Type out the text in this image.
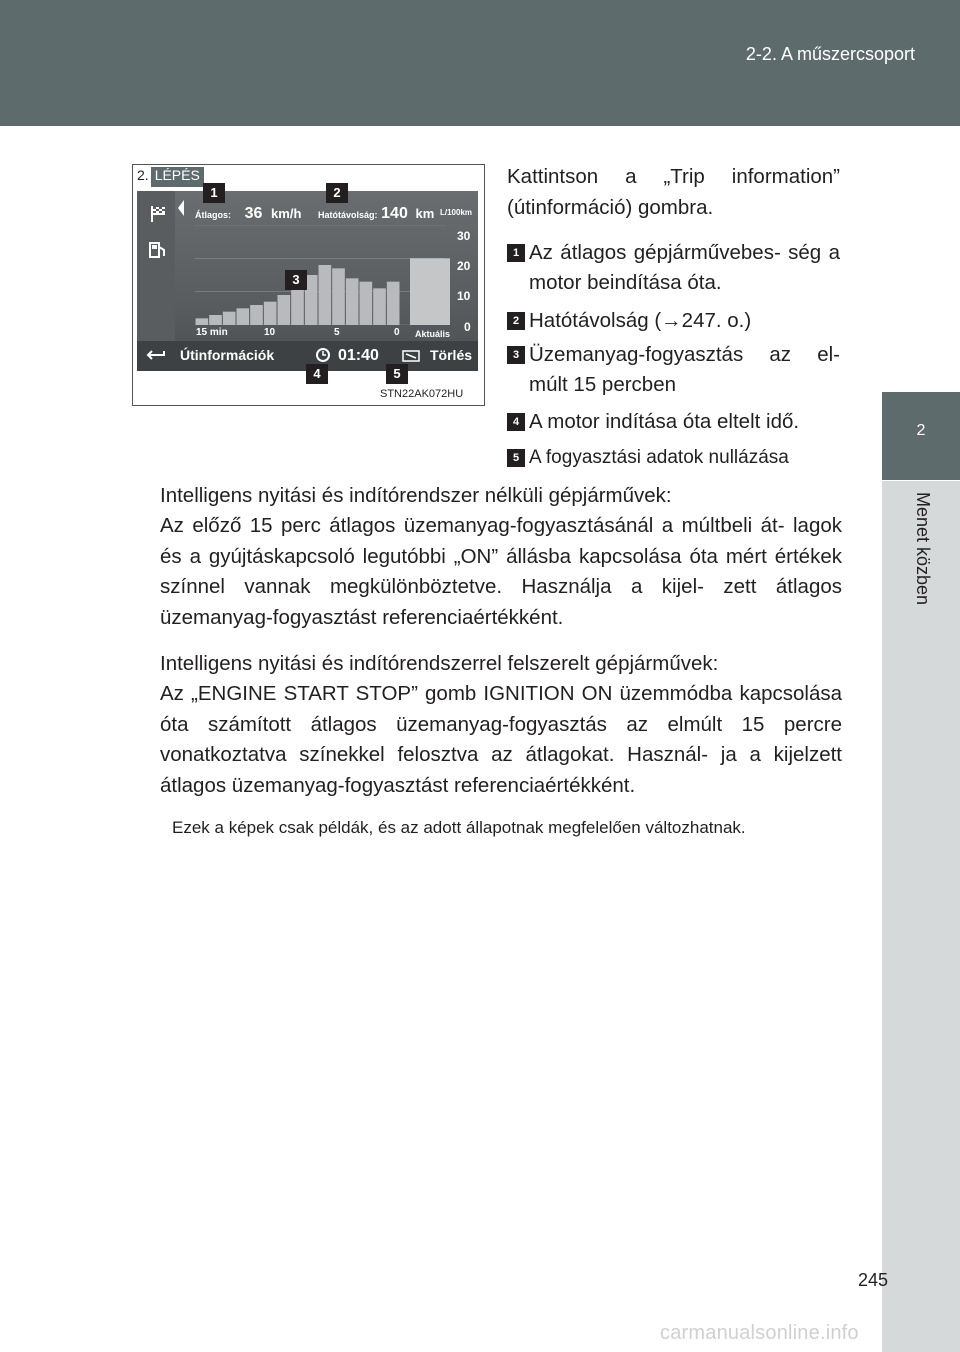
2-2. A műszercsoport
2
Menet közben
2. LÉPÉS
Átlagos: 36 km/h Hatótávolság: 140 km L/100km
30
20
10
0
15 min	10	5	0 Aktuális
Útinformációk	01:40	Törlés
1	2
3
4	5
STN22AK072HU
Kattintson a „Trip information” (útinformáció) gombra.
1 Az átlagos gépjárművebes- ség a motor beindítása óta.
2 Hatótávolság (→247. o.)
3 Üzemanyag-fogyasztás az el- múlt 15 percben
4 A motor indítása óta eltelt idő.
5 A fogyasztási adatok nullázása
Intelligens nyitási és indítórendszer nélküli gépjárművek:
Az előző 15 perc átlagos üzemanyag-fogyasztásánál a múltbeli át- lagok és a gyújtáskapcsoló legutóbbi „ON” állásba kapcsolása óta mért értékek színnel vannak megkülönböztetve. Használja a kijel- zett átlagos üzemanyag-fogyasztást referenciaértékként.
Intelligens nyitási és indítórendszerrel felszerelt gépjárművek:
Az „ENGINE START STOP” gomb IGNITION ON üzemmódba kapcsolása óta számított átlagos üzemanyag-fogyasztás az elmúlt 15 percre vonatkoztatva színekkel felosztva az átlagokat. Használ- ja a kijelzett átlagos üzemanyag-fogyasztást referenciaértékként.
Ezek a képek csak példák, és az adott állapotnak megfelelően változhatnak.
245
carmanualsonline.info
